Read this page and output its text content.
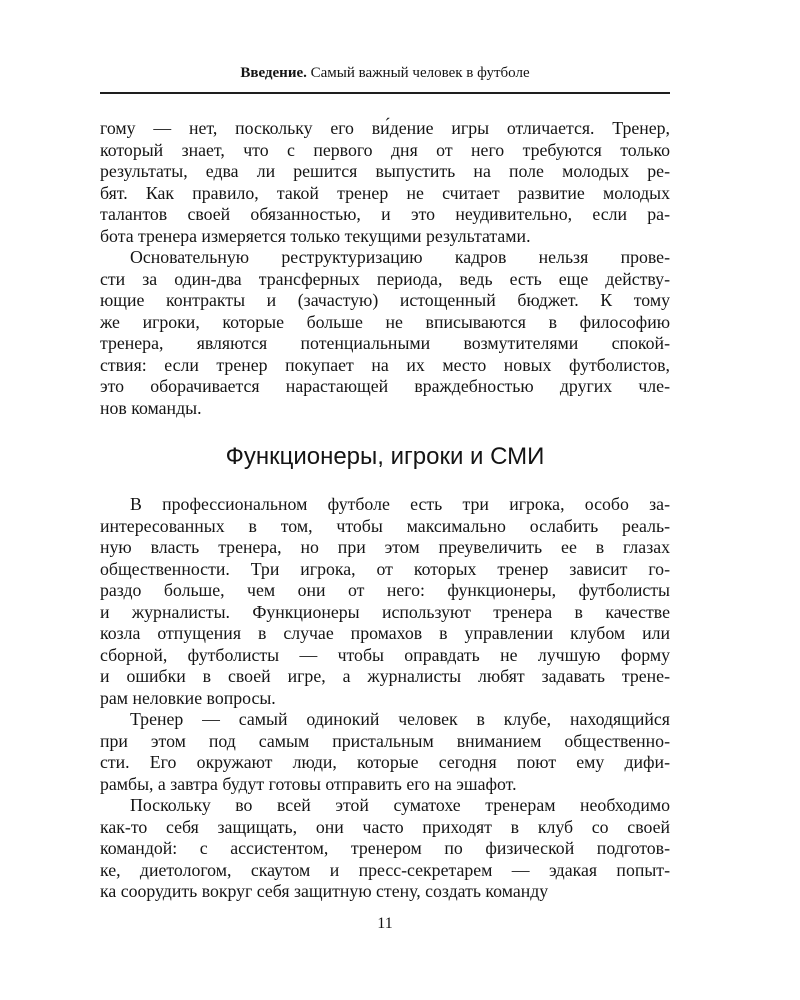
Введение. Самый важный человек в футболе
гому — нет, поскольку его ви́дение игры отличается. Тренер,
который знает, что с первого дня от него требуются только
результаты, едва ли решится выпустить на поле молодых ре-
бят. Как правило, такой тренер не считает развитие молодых
талантов своей обязанностью, и это неудивительно, если ра-
бота тренера измеряется только текущими результатами.
Основательную реструктуризацию кадров нельзя прове-
сти за один-два трансферных периода, ведь есть еще действу-
ющие контракты и (зачастую) истощенный бюджет. К тому
же игроки, которые больше не вписываются в философию
тренера, являются потенциальными возмутителями спокой-
ствия: если тренер покупает на их место новых футболистов,
это оборачивается нарастающей враждебностью других чле-
нов команды.
Функционеры, игроки и СМИ
В профессиональном футболе есть три игрока, особо за-
интересованных в том, чтобы максимально ослабить реаль-
ную власть тренера, но при этом преувеличить ее в глазах
общественности. Три игрока, от которых тренер зависит го-
раздо больше, чем они от него: функционеры, футболисты
и журналисты. Функционеры используют тренера в качестве
козла отпущения в случае промахов в управлении клубом или
сборной, футболисты — чтобы оправдать не лучшую форму
и ошибки в своей игре, а журналисты любят задавать трене-
рам неловкие вопросы.
Тренер — самый одинокий человек в клубе, находящийся
при этом под самым пристальным вниманием общественно-
сти. Его окружают люди, которые сегодня поют ему дифи-
рамбы, а завтра будут готовы отправить его на эшафот.
Поскольку во всей этой суматохе тренерам необходимо
как-то себя защищать, они часто приходят в клуб со своей
командой: с ассистентом, тренером по физической подготов-
ке, диетологом, скаутом и пресс-секретарем — эдакая попыт-
ка соорудить вокруг себя защитную стену, создать команду
11
